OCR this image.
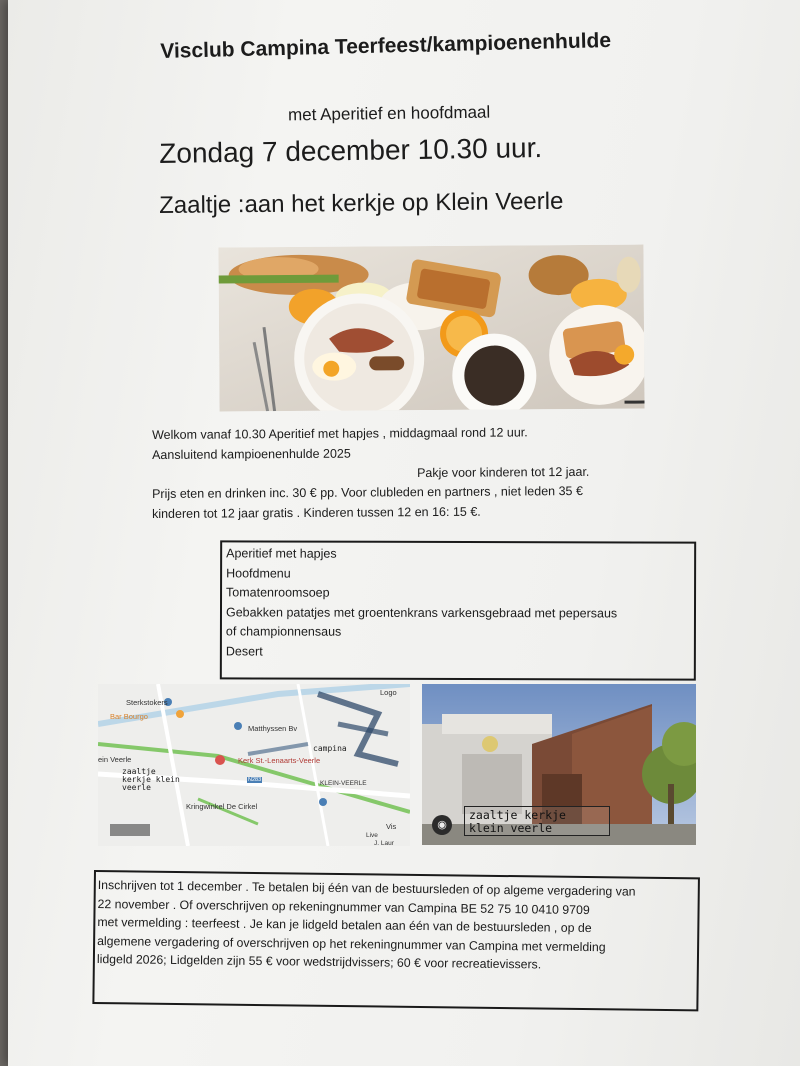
Visclub Campina Teerfeest/kampioenenhulde
met Aperitief en hoofdmaal
Zondag 7 december 10.30 uur.
Zaaltje :aan het kerkje op Klein Veerle
Welkom vanaf 10.30 Aperitief met hapjes , middagmaal rond 12 uur.
Aansluitend kampioenenhulde 2025
Pakje voor kinderen tot 12 jaar.
Prijs eten en drinken inc. 30 € pp. Voor clubleden en partners , niet leden 35 €
kinderen tot 12 jaar gratis . Kinderen tussen 12 en 16: 15 €.
Aperitief met hapjes
Hoofdmenu
Tomatenroomsoep
Gebakken patatjes met groentenkrans varkensgebraad met pepersaus
of championnensaus
Desert
Sterkstokers
Bar Bourgo
Matthyssen Bv
Logo
ein Veerle	Kerk St.-Lenaarts-Veerle
KLEIN-VEERLE
Kringwinkel De Cirkel
Vis
Live
J. Laur
N283
campina
zaaltje
kerkje klein
veerle
◉
zaaltje kerkje
klein veerle
Inschrijven tot 1 december . Te betalen bij één van de bestuursleden of op algeme vergadering van
22 november . Of overschrijven op rekeningnummer van Campina BE 52 75 10 0410 9709
met vermelding : teerfeest . Je kan je lidgeld betalen aan één van de bestuursleden , op de
algemene vergadering of overschrijven op het rekeningnummer van Campina met vermelding
lidgeld 2026; Lidgelden zijn 55 € voor wedstrijdvissers; 60 € voor recreatievissers.
